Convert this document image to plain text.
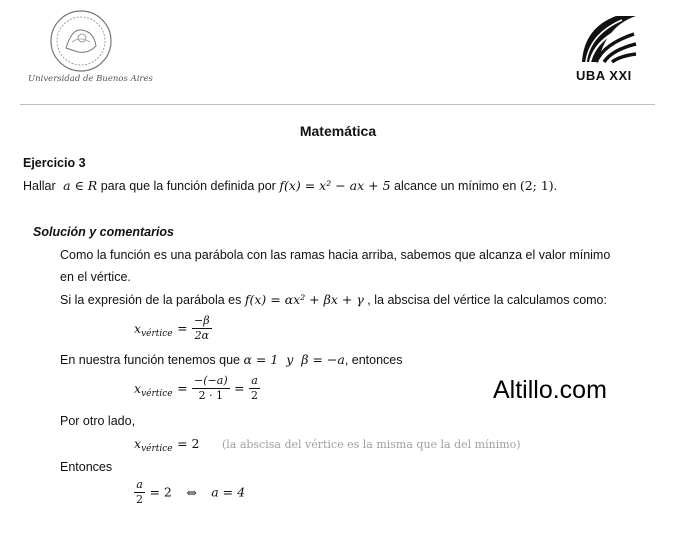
Universidad de Buenos Aires	UBA XXI
Matemática
Ejercicio 3
Hallar a ∈ R para que la función definida por f(x) = x² − ax + 5 alcance un mínimo en (2; 1).
Solución y comentarios
Como la función es una parábola con las ramas hacia arriba, sabemos que alcanza el valor mínimo
en el vértice.
Si la expresión de la parábola es f(x) = αx² + βx + γ , la abscisa del vértice la calculamos como:
$x_{vértice} = \frac{-\beta}{2\alpha}$
En nuestra función tenemos que α = 1  y  β = −a, entonces
$x_{vértice} = \frac{-(-a)}{2 \cdot 1} = \frac{a}{2}$	Altillo.com
Por otro lado,
$x_{vértice} = 2$ (la abscisa del vértice es la misma que la del mínimo)
Entonces
$\frac{a}{2} = 2$ ⇔ a = 4
